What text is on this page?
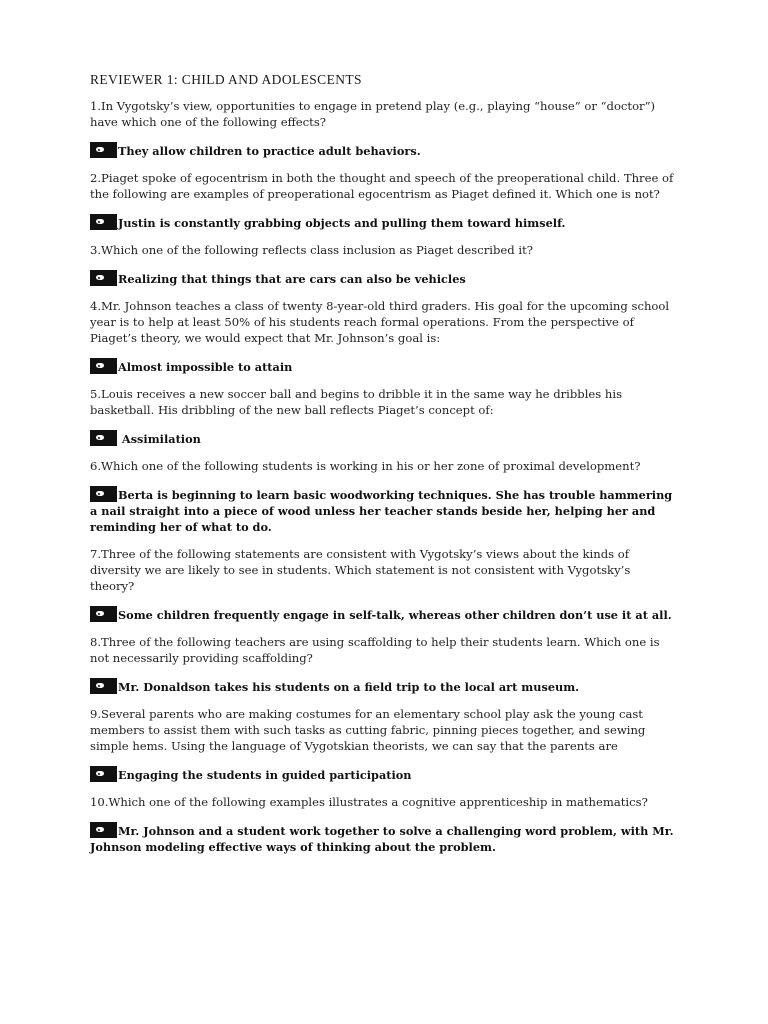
REVIEWER 1: CHILD AND ADOLESCENTS

1.In Vygotsky’s view, opportunities to engage in pretend play (e.g., playing “house” or “doctor”) have which one of the following effects?

They allow children to practice adult behaviors.

2.Piaget spoke of egocentrism in both the thought and speech of the preoperational child. Three of the following are examples of preoperational egocentrism as Piaget defined it. Which one is not?

Justin is constantly grabbing objects and pulling them toward himself.

3.Which one of the following reflects class inclusion as Piaget described it?

Realizing that things that are cars can also be vehicles

4.Mr. Johnson teaches a class of twenty 8-year-old third graders. His goal for the upcoming school year is to help at least 50% of his students reach formal operations. From the perspective of Piaget’s theory, we would expect that Mr. Johnson’s goal is:

Almost impossible to attain

5.Louis receives a new soccer ball and begins to dribble it in the same way he dribbles his basketball. His dribbling of the new ball reflects Piaget’s concept of:

Assimilation

6.Which one of the following students is working in his or her zone of proximal development?

Berta is beginning to learn basic woodworking techniques. She has trouble hammering a nail straight into a piece of wood unless her teacher stands beside her, helping her and reminding her of what to do.

7.Three of the following statements are consistent with Vygotsky’s views about the kinds of diversity we are likely to see in students. Which statement is not consistent with Vygotsky’s theory?

Some children frequently engage in self-talk, whereas other children don’t use it at all.

8.Three of the following teachers are using scaffolding to help their students learn. Which one is not necessarily providing scaffolding?

Mr. Donaldson takes his students on a field trip to the local art museum.

9.Several parents who are making costumes for an elementary school play ask the young cast members to assist them with such tasks as cutting fabric, pinning pieces together, and sewing simple hems. Using the language of Vygotskian theorists, we can say that the parents are

Engaging the students in guided participation

10.Which one of the following examples illustrates a cognitive apprenticeship in mathematics?

Mr. Johnson and a student work together to solve a challenging word problem, with Mr. Johnson modeling effective ways of thinking about the problem.
